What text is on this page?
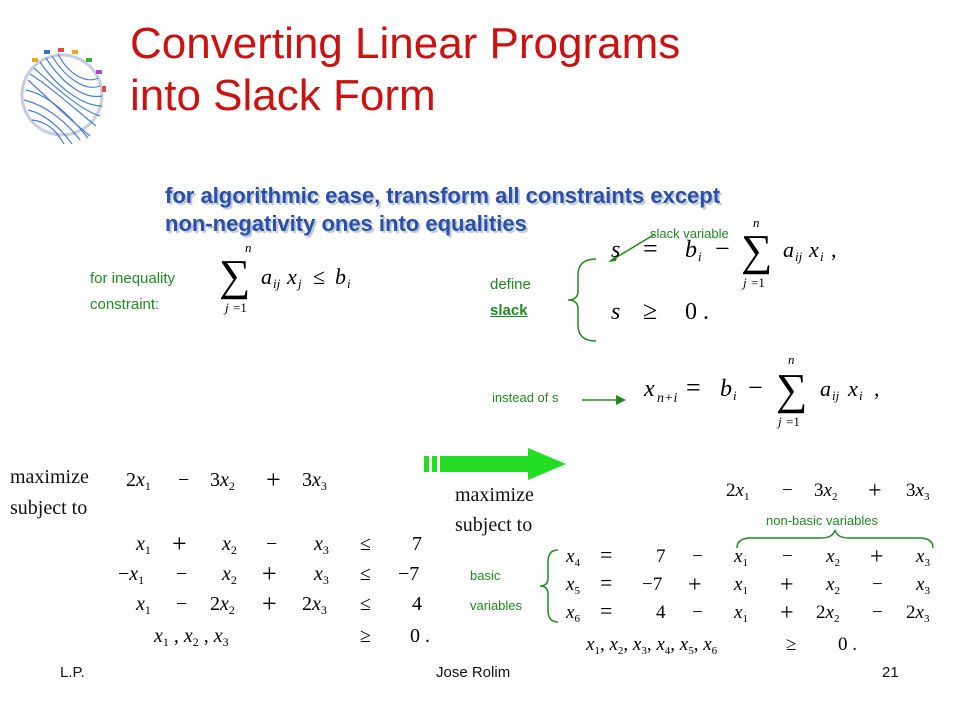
Converting Linear Programs
into Slack Form
for algorithmic ease, transform all constraints except
non-negativity ones into equalities
for inequality
constraint:
n
∑
j =1
a ij x j ≤ b i	define
slack
slack variable
s = b i −
n
∑
j =1
a ij x i ,
s ≥ 0 .
instead of s	x n+i = b i −
n
∑
j =1
a ij x i ,
maximize
subject to
$2x_1 - 3x_2 + 3x_3$
$x_1 + x_2 - x_3 \le 7$
$-x_1 - x_2 + x_3 \le -7$
$x_1 - 2x_2 + 2x_3 \le 4$
$x_1$ , $x_2$ , $x_3$	≥ 0 .
maximize
subject to	non-basic variables
basic
variables
$2x_1 - 3x_2 + 3x_3$
$x_4 = 7 - x_1 - x_2 + x_3$
$x_5 = -7 + x_1 + x_2 - x_3$
$x_6 = 4 - x_1 + 2x_2 - 2x_3$
$x_1$, $x_2$, $x_3$, $x_4$, $x_5$, $x_6$	≥ 0 .
L.P.	Jose Rolim	21
